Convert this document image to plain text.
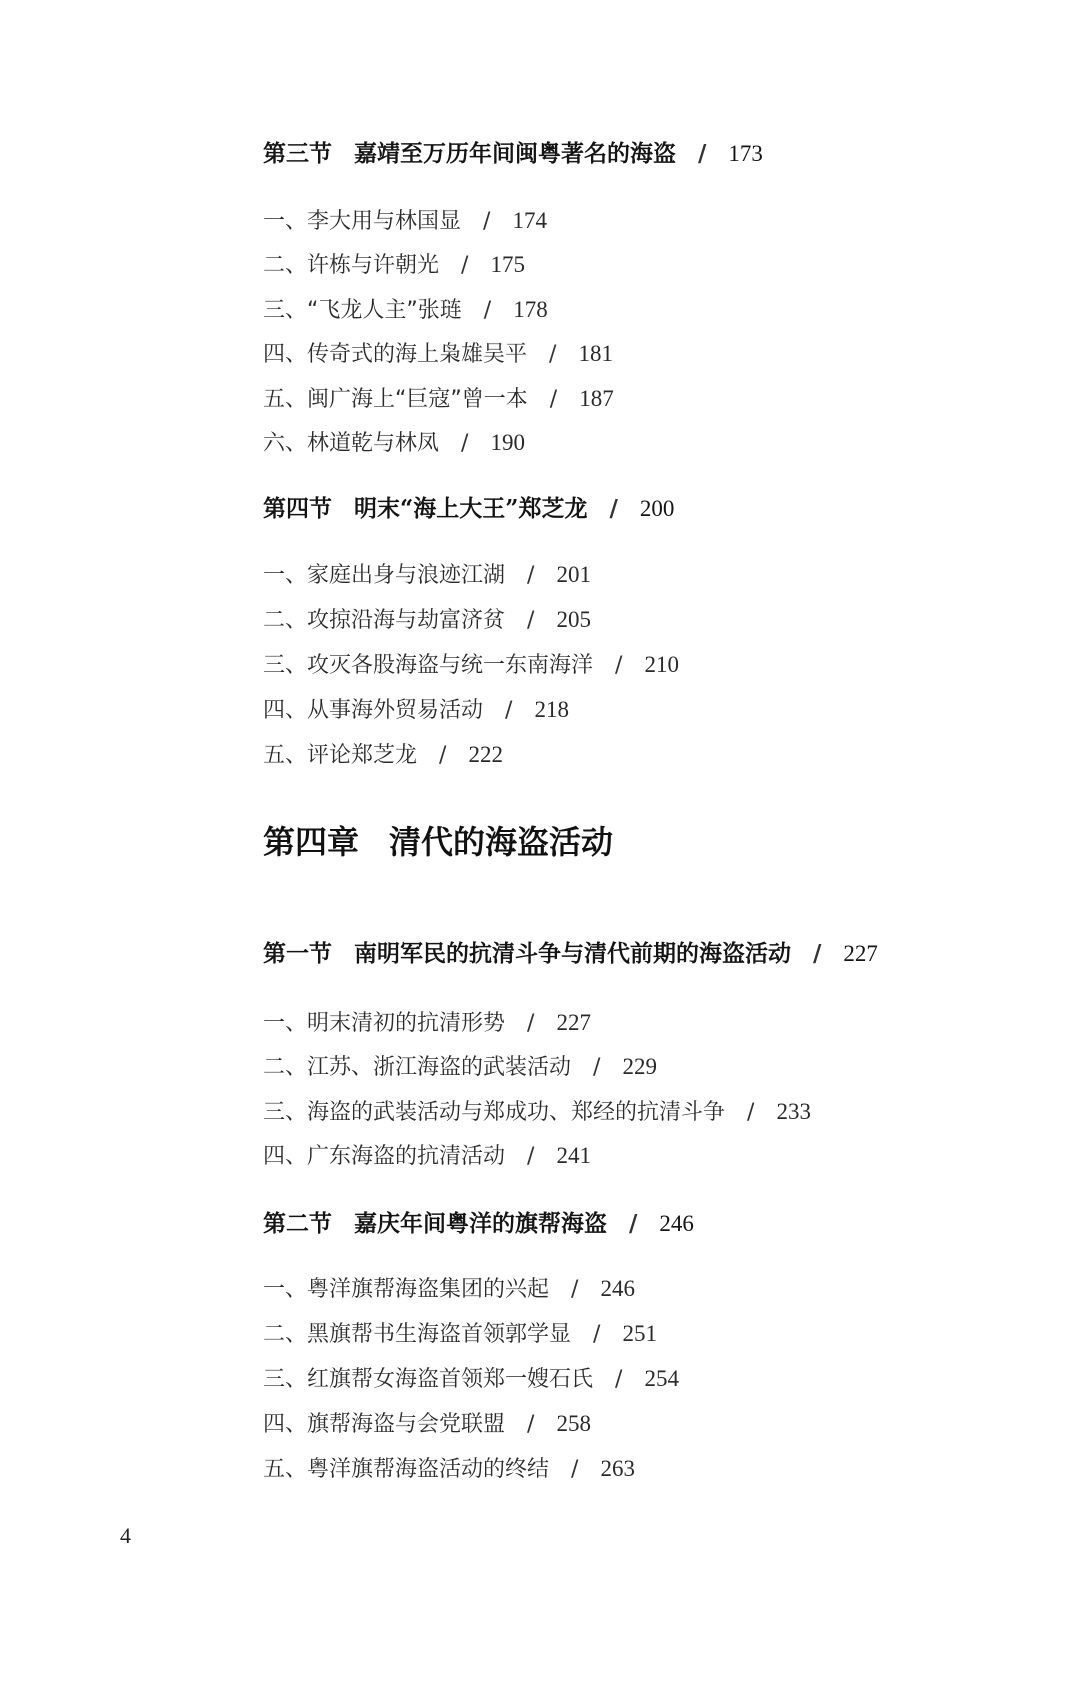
第三节 嘉靖至万历年间闽粤著名的海盗 / 173
一、李大用与林国显 / 174
二、许栋与许朝光 / 175
三、“飞龙人主”张琏 / 178
四、传奇式的海上枭雄吴平 / 181
五、闽广海上“巨寇”曾一本 / 187
六、林道乾与林凤 / 190
第四节 明末“海上大王”郑芝龙 / 200
一、家庭出身与浪迹江湖 / 201
二、攻掠沿海与劫富济贫 / 205
三、攻灭各股海盗与统一东南海洋 / 210
四、从事海外贸易活动 / 218
五、评论郑芝龙 / 222
第四章 清代的海盗活动
第一节 南明军民的抗清斗争与清代前期的海盗活动 / 227
一、明末清初的抗清形势 / 227
二、江苏、浙江海盗的武装活动 / 229
三、海盗的武装活动与郑成功、郑经的抗清斗争 / 233
四、广东海盗的抗清活动 / 241
第二节 嘉庆年间粤洋的旗帮海盗 / 246
一、粤洋旗帮海盗集团的兴起 / 246
二、黑旗帮书生海盗首领郭学显 / 251
三、红旗帮女海盗首领郑一嫂石氏 / 254
四、旗帮海盗与会党联盟 / 258
五、粤洋旗帮海盗活动的终结 / 263
4
